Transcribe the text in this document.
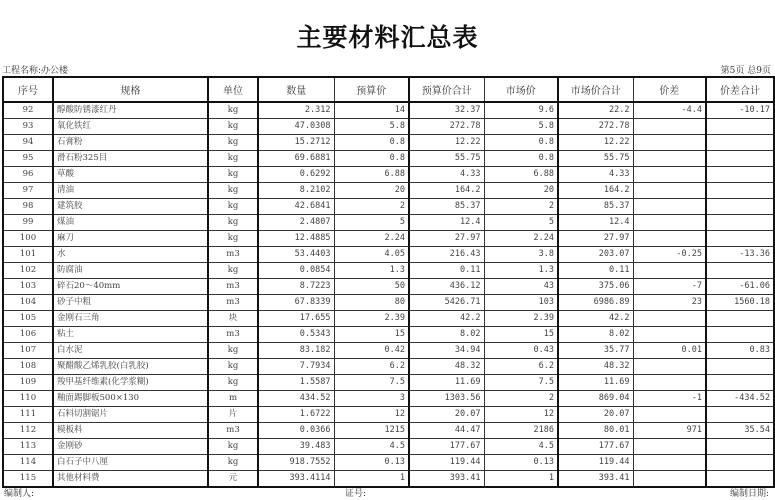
主要材料汇总表
工程名称:办公楼	第5页 总9页
序号	规格	单位	数量	预算价	预算价合计	市场价	市场价合计	价差	价差合计
92	醇酸防锈漆红丹	kg	2.312	14	32.37	9.6	22.2	-4.4	-10.17
93	氧化铁红	kg	47.0308	5.8	272.78	5.8	272.78		
94	石膏粉	kg	15.2712	0.8	12.22	0.8	12.22		
95	滑石粉325目	kg	69.6881	0.8	55.75	0.8	55.75		
96	草酸	kg	0.6292	6.88	4.33	6.88	4.33		
97	清油	kg	8.2102	20	164.2	20	164.2		
98	建筑胶	kg	42.6841	2	85.37	2	85.37		
99	煤油	kg	2.4807	5	12.4	5	12.4		
100	麻刀	kg	12.4885	2.24	27.97	2.24	27.97		
101	水	m3	53.4403	4.05	216.43	3.8	203.07	-0.25	-13.36
102	防腐油	kg	0.0854	1.3	0.11	1.3	0.11		
103	碎石20～40mm	m3	8.7223	50	436.12	43	375.06	-7	-61.06
104	砂子中粗	m3	67.8339	80	5426.71	103	6986.89	23	1560.18
105	金刚石三角	块	17.655	2.39	42.2	2.39	42.2		
106	粘土	m3	0.5343	15	8.02	15	8.02		
107	白水泥	kg	83.182	0.42	34.94	0.43	35.77	0.01	0.83
108	聚醋酸乙烯乳胶(白乳胶)	kg	7.7934	6.2	48.32	6.2	48.32		
109	羧甲基纤维素(化学浆糊)	kg	1.5587	7.5	11.69	7.5	11.69		
110	釉面踢脚板500×130	m	434.52	3	1303.56	2	869.04	-1	-434.52
111	石料切割锯片	片	1.6722	12	20.07	12	20.07		
112	模板料	m3	0.0366	1215	44.47	2186	80.01	971	35.54
113	金刚砂	kg	39.483	4.5	177.67	4.5	177.67		
114	白石子中八厘	kg	918.7552	0.13	119.44	0.13	119.44		
115	其他材料费	元	393.4114	1	393.41	1	393.41		
编制人:	证号:	编制日期:
